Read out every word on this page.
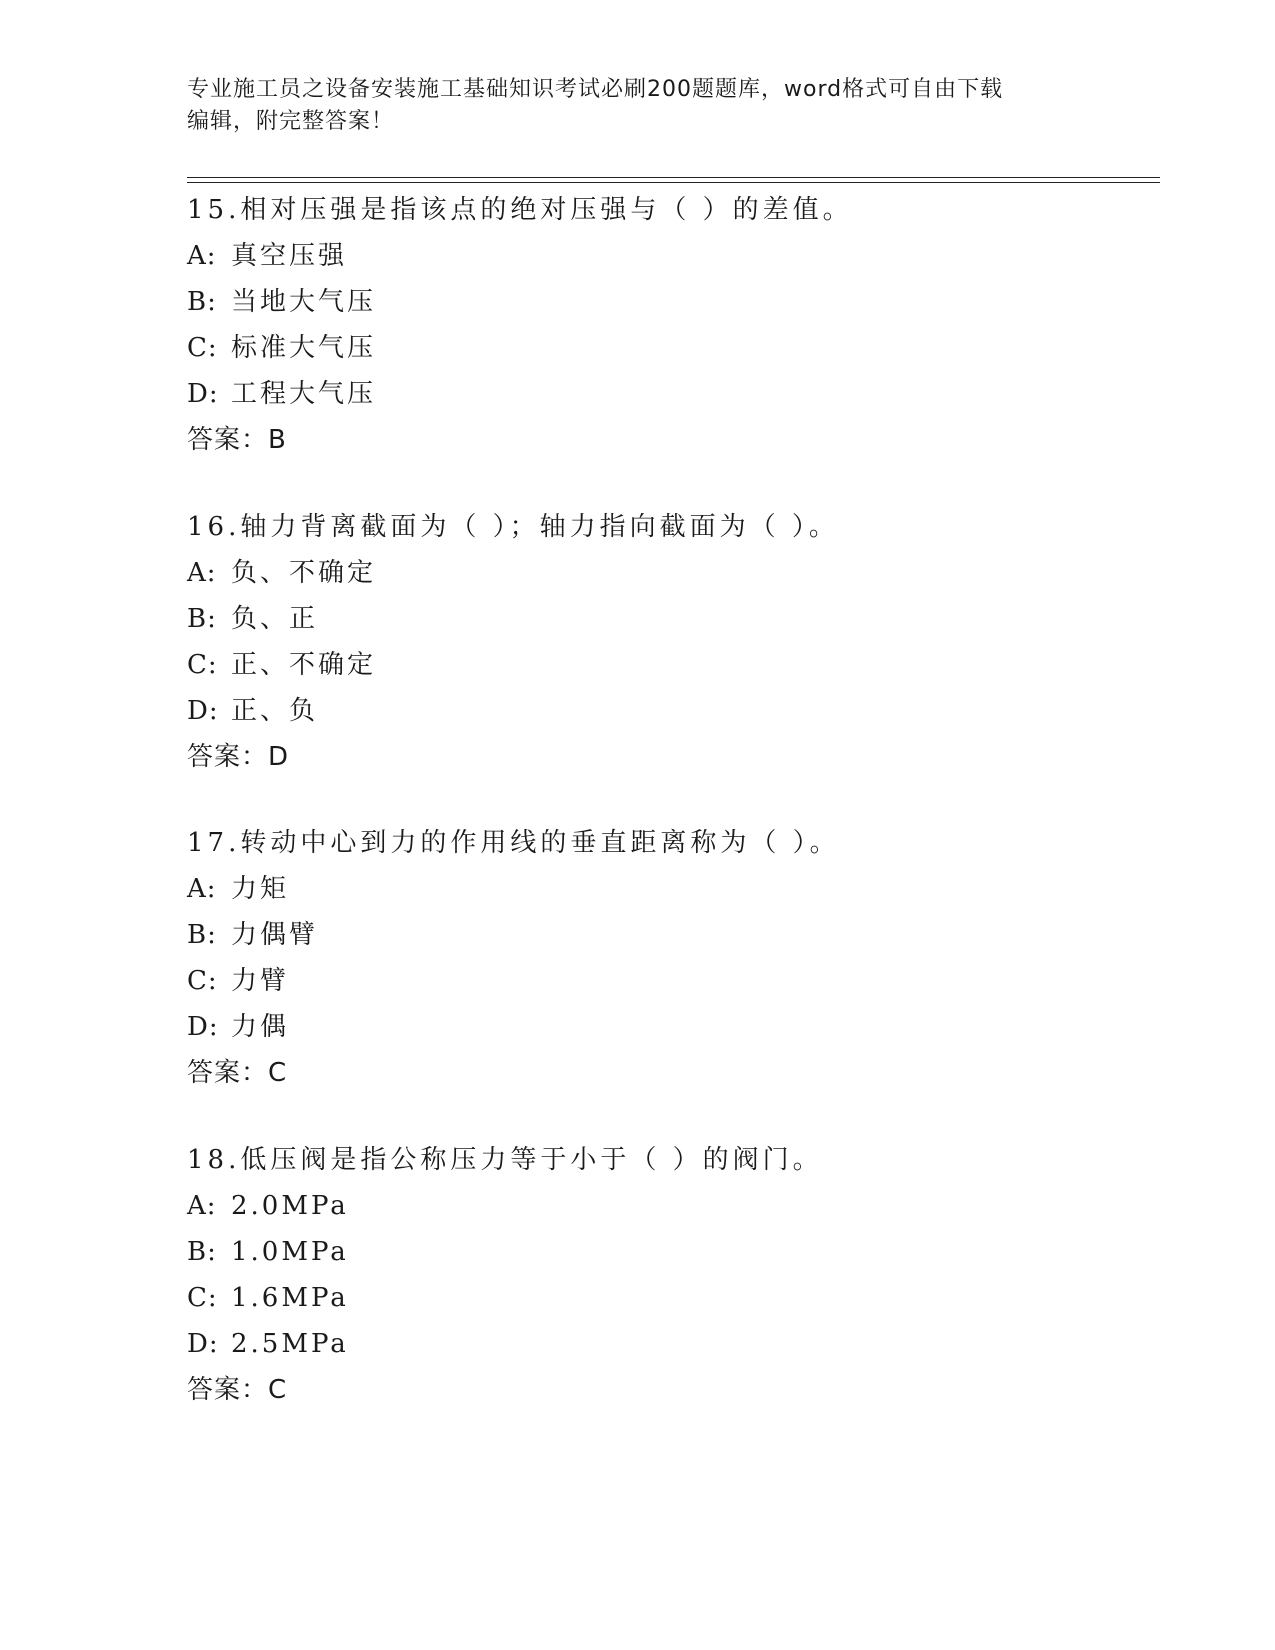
专业施工员之设备安装施工基础知识考试必刷200题题库，word格式可自由下载
编辑，附完整答案！
15.相对压强是指该点的绝对压强与（ ）的差值。
A: 真空压强
B: 当地大气压
C: 标准大气压
D: 工程大气压
答案：B
16.轴力背离截面为（ ）；轴力指向截面为（ ）。
A: 负、不确定
B: 负、正
C: 正、不确定
D: 正、负
答案：D
17.转动中心到力的作用线的垂直距离称为（ ）。
A: 力矩
B: 力偶臂
C: 力臂
D: 力偶
答案：C
18.低压阀是指公称压力等于小于（ ）的阀门。
A: 2.0MPa
B: 1.0MPa
C: 1.6MPa
D: 2.5MPa
答案：C
